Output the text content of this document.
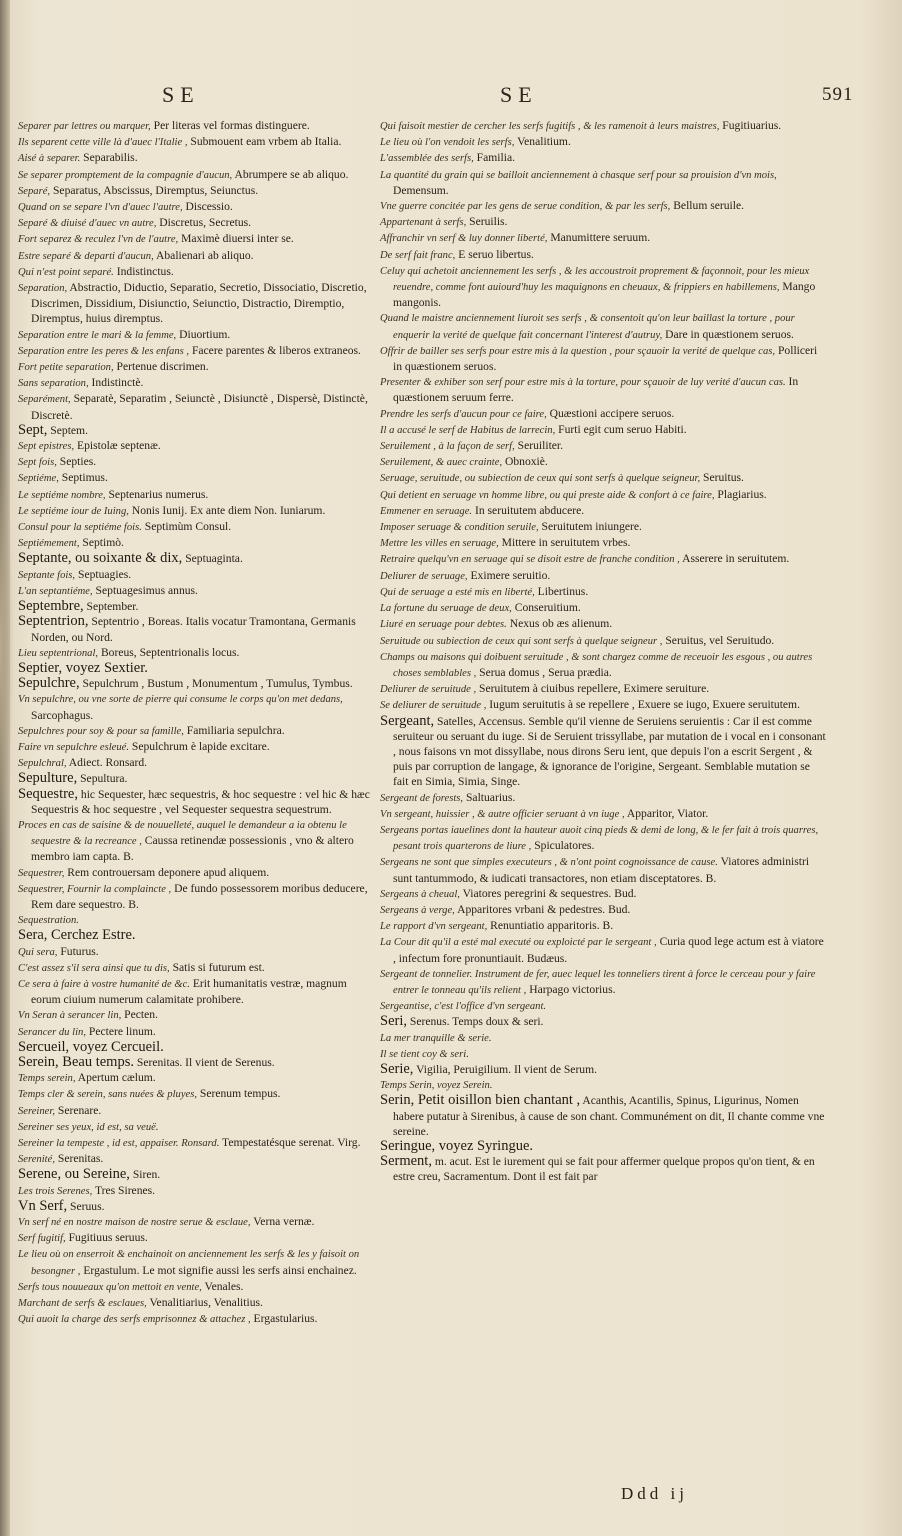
SE	SE	591

Separer par lettres ou marquer, Per literas vel formas distinguere.

Ils separent cette ville là d'auec l'Italie , Submouent eam vrbem ab Italia.

Aisé à separer. Separabilis.

Se separer promptement de la compagnie d'aucun, Abrumpere se ab aliquo.

Separé, Separatus, Abscissus, Diremptus, Seiunctus.

Quand on se separe l'vn d'auec l'autre, Discessio.

Separé & diuisé d'auec vn autre, Discretus, Secretus.

Fort separez & reculez l'vn de l'autre, Maximè diuersi inter se.

Estre separé & departi d'aucun, Abalienari ab aliquo.

Qui n'est point separé. Indistinctus.

Separation, Abstractio, Diductio, Separatio, Secretio, Dissociatio, Discretio, Discrimen, Dissidium, Disiunctio, Seiunctio, Distractio, Diremptio, Diremptus, huius diremptus.

Separation entre le mari & la femme, Diuortium.

Separation entre les peres & les enfans , Facere parentes & liberos extraneos.

Fort petite separation, Pertenue discrimen.

Sans separation, Indistinctè.

Separément, Separatè, Separatim , Seiunctè , Disiunctè , Dispersè, Distinctè, Discretè.

Sept, Septem.

Sept epistres, Epistolæ septenæ.

Sept fois, Septies.

Septiéme, Septimus.

Le septiéme nombre, Septenarius numerus.

Le septiéme iour de Iuing, Nonis Iunij. Ex ante diem Non. Iuniarum.

Consul pour la septiéme fois. Septimùm Consul.

Septiémement, Septimò.

Septante, ou soixante & dix, Septuaginta.

Septante fois, Septuagies.

L'an septantiéme, Septuagesimus annus.

Septembre, September.

Septentrion, Septentrio , Boreas. Italis vocatur Tramontana, Germanis Norden, ou Nord.

Lieu septentrional, Boreus, Septentrionalis locus.

Septier, voyez Sextier.

Sepulchre, Sepulchrum , Bustum , Monumentum , Tumulus, Tymbus.

Vn sepulchre, ou vne sorte de pierre qui consume le corps qu'on met dedans, Sarcophagus.

Sepulchres pour soy & pour sa famille, Familiaria sepulchra.

Faire vn sepulchre esleué. Sepulchrum è lapide excitare.

Sepulchral, Adiect. Ronsard.

Sepulture, Sepultura.

Sequestre, hic Sequester, hæc sequestris, & hoc sequestre : vel hic & hæc Sequestris & hoc sequestre , vel Sequester sequestra sequestrum.

Proces en cas de saisine & de nouuelleté, auquel le demandeur a ia obtenu le sequestre & la recreance , Caussa retinendæ possessionis , vno & altero membro iam capta. B.

Sequestrer, Rem controuersam deponere apud aliquem.

Sequestrer, Fournir la complaincte , De fundo possessorem moribus deducere, Rem dare sequestro. B.

Sequestration.

Sera, Cerchez Estre.

Qui sera, Futurus.

C'est assez s'il sera ainsi que tu dis, Satis si futurum est.

Ce sera à faire à vostre humanité de &c. Erit humanitatis vestræ, magnum eorum ciuium numerum calamitate prohibere.

Vn Seran à serancer lin, Pecten.

Serancer du lin, Pectere linum.

Sercueil, voyez Cercueil.

Serein, Beau temps. Serenitas. Il vient de Serenus.

Temps serein, Apertum cælum.

Temps cler & serein, sans nuées & pluyes, Serenum tempus.

Sereiner, Serenare.

Sereiner ses yeux, id est, sa veuë.

Sereiner la tempeste , id est, appaiser. Ronsard. Tempestatésque serenat. Virg.

Serenité, Serenitas.

Serene, ou Sereine, Siren.

Les trois Serenes, Tres Sirenes.

Vn Serf, Seruus.

Vn serf né en nostre maison de nostre serue & esclaue, Verna vernæ.

Serf fugitif, Fugitiuus seruus.

Le lieu où on enserroit & enchainoit on anciennement les serfs & les y faisoit on besongner , Ergastulum. Le mot signifie aussi les serfs ainsi enchainez.

Serfs tous nouueaux qu'on mettoit en vente, Venales.

Marchant de serfs & esclaues, Venalitiarius, Venalitius.

Qui auoit la charge des serfs emprisonnez & attachez , Ergastularius.

Qui faisoit mestier de cercher les serfs fugitifs , & les ramenoit à leurs maistres, Fugitiuarius.

Le lieu où l'on vendoit les serfs, Venalitium.

L'assemblée des serfs, Familia.

La quantité du grain qui se bailloit anciennement à chasque serf pour sa prouision d'vn mois, Demensum.

Vne guerre concitée par les gens de serue condition, & par les serfs, Bellum seruile.

Appartenant à serfs, Seruilis.

Affranchir vn serf & luy donner liberté, Manumittere seruum.

De serf fait franc, E seruo libertus.

Celuy qui achetoit anciennement les serfs , & les accoustroit proprement & façonnoit, pour les mieux reuendre, comme font auiourd'huy les maquignons en cheuaux, & frippiers en habillemens, Mango mangonis.

Quand le maistre anciennement liuroit ses serfs , & consentoit qu'on leur baillast la torture , pour enquerir la verité de quelque fait concernant l'interest d'autruy, Dare in quæstionem seruos.

Offrir de bailler ses serfs pour estre mis à la question , pour sçauoir la verité de quelque cas, Polliceri in quæstionem seruos.

Presenter & exhiber son serf pour estre mis à la torture, pour sçauoir de luy verité d'aucun cas. In quæstionem seruum ferre.

Prendre les serfs d'aucun pour ce faire, Quæstioni accipere seruos.

Il a accusé le serf de Habitus de larrecin, Furti egit cum seruo Habiti.

Seruilement , à la façon de serf, Seruiliter.

Seruilement, & auec crainte, Obnoxiè.

Seruage, seruitude, ou subiection de ceux qui sont serfs à quelque seigneur, Seruitus.

Qui detient en seruage vn homme libre, ou qui preste aide & confort à ce faire, Plagiarius.

Emmener en seruage. In seruitutem abducere.

Imposer seruage & condition seruile, Seruitutem iniungere.

Mettre les villes en seruage, Mittere in seruitutem vrbes.

Retraire quelqu'vn en seruage qui se disoit estre de franche condition , Asserere in seruitutem.

Deliurer de seruage, Eximere seruitio.

Qui de seruage a esté mis en liberté, Libertinus.

La fortune du seruage de deux, Conseruitium.

Liuré en seruage pour debtes. Nexus ob æs alienum.

Seruitude ou subiection de ceux qui sont serfs à quelque seigneur , Seruitus, vel Seruitudo.

Champs ou maisons qui doibuent seruitude , & sont chargez comme de receuoir les esgous , ou autres choses semblables , Serua domus , Serua prædia.

Deliurer de seruitude , Seruitutem à ciuibus repellere, Eximere seruiture.

Se deliurer de seruitude , Iugum seruitutis à se repellere , Exuere se iugo, Exuere seruitutem.

Sergeant, Satelles, Accensus. Semble qu'il vienne de Seruiens seruientis : Car il est comme seruiteur ou seruant du iuge. Si de Seruient trissyllabe, par mutation de i vocal en i consonant , nous faisons vn mot dissyllabe, nous dirons Seru ient, que depuis l'on a escrit Sergent , & puis par corruption de langage, & ignorance de l'origine, Sergeant. Semblable mutation se fait en Simia, Simia, Singe.

Sergeant de forests, Saltuarius.

Vn sergeant, huissier , & autre officier seruant à vn iuge , Apparitor, Viator.

Sergeans portas iauelines dont la hauteur auoit cinq pieds & demi de long, & le fer fait à trois quarres, pesant trois quarterons de liure , Spiculatores.

Sergeans ne sont que simples executeurs , & n'ont point cognoissance de cause. Viatores administri sunt tantummodo, & iudicati transactores, non etiam disceptatores. B.

Sergeans à cheual, Viatores peregrini & sequestres. Bud.

Sergeans à verge, Apparitores vrbani & pedestres. Bud.

Le rapport d'vn sergeant, Renuntiatio apparitoris. B.

La Cour dit qu'il a esté mal executé ou exploicté par le sergeant , Curia quod lege actum est à viatore , infectum fore pronuntiauit. Budæus.

Sergeant de tonnelier. Instrument de fer, auec lequel les tonneliers tirent à force le cerceau pour y faire entrer le tonneau qu'ils relient , Harpago victorius.

Sergeantise, c'est l'office d'vn sergeant.

Seri, Serenus. Temps doux & seri.

La mer tranquille & serie.

Il se tient coy & seri.

Serie, Vigilia, Peruigilium. Il vient de Serum.

Temps Serin, voyez Serein.

Serin, Petit oisillon bien chantant , Acanthis, Acantilis, Spinus, Ligurinus, Nomen habere putatur à Sirenibus, à cause de son chant. Communément on dit, Il chante comme vne sereine.

Seringue, voyez Syringue.

Serment, m. acut. Est le iurement qui se fait pour affermer quelque propos qu'on tient, & en estre creu, Sacramentum. Dont il est fait par

Ddd ij
